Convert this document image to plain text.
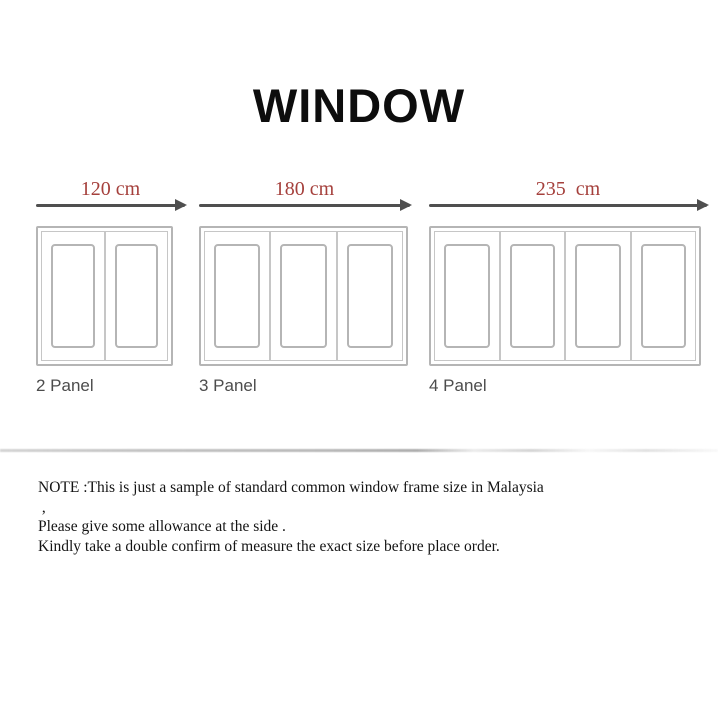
WINDOW
120 cm
2 Panel
180 cm
3 Panel
235  cm
4 Panel
NOTE :This is just a sample of standard common window frame size in Malaysia
,
Please give some allowance at the side .
Kindly take a double confirm of measure the exact size before place order.
